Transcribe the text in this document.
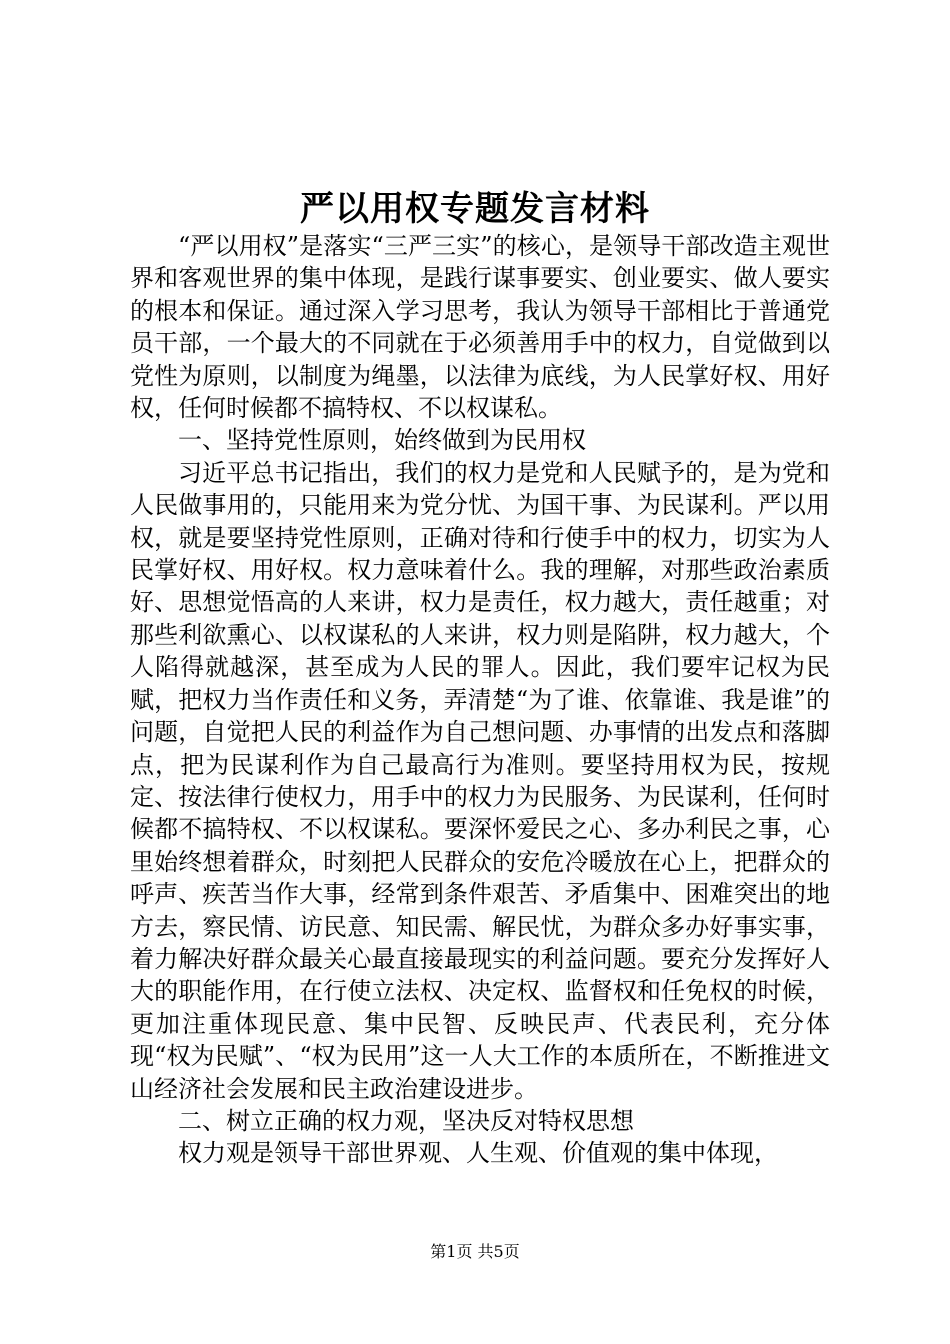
严以用权专题发言材料

“严以用权”是落实“三严三实”的核心，是领导干部改造主观世界和客观世界的集中体现，是践行谋事要实、创业要实、做人要实的根本和保证。通过深入学习思考，我认为领导干部相比于普通党员干部，一个最大的不同就在于必须善用手中的权力，自觉做到以党性为原则，以制度为绳墨，以法律为底线，为人民掌好权、用好权，任何时候都不搞特权、不以权谋私。

一、坚持党性原则，始终做到为民用权

习近平总书记指出，我们的权力是党和人民赋予的，是为党和人民做事用的，只能用来为党分忧、为国干事、为民谋利。严以用权，就是要坚持党性原则，正确对待和行使手中的权力，切实为人民掌好权、用好权。权力意味着什么。我的理解，对那些政治素质好、思想觉悟高的人来讲，权力是责任，权力越大，责任越重；对那些利欲熏心、以权谋私的人来讲，权力则是陷阱，权力越大，个人陷得就越深，甚至成为人民的罪人。因此，我们要牢记权为民赋，把权力当作责任和义务，弄清楚“为了谁、依靠谁、我是谁”的问题，自觉把人民的利益作为自己想问题、办事情的出发点和落脚点，把为民谋利作为自己最高行为准则。要坚持用权为民，按规定、按法律行使权力，用手中的权力为民服务、为民谋利，任何时候都不搞特权、不以权谋私。要深怀爱民之心、多办利民之事，心里始终想着群众，时刻把人民群众的安危冷暖放在心上，把群众的呼声、疾苦当作大事，经常到条件艰苦、矛盾集中、困难突出的地方去，察民情、访民意、知民需、解民忧，为群众多办好事实事，着力解决好群众最关心最直接最现实的利益问题。要充分发挥好人大的职能作用，在行使立法权、决定权、监督权和任免权的时候，更加注重体现民意、集中民智、反映民声、代表民利，充分体现“权为民赋”、“权为民用”这一人大工作的本质所在，不断推进文山经济社会发展和民主政治建设进步。

二、树立正确的权力观，坚决反对特权思想

权力观是领导干部世界观、人生观、价值观的集中体现，

第1页 共5页
